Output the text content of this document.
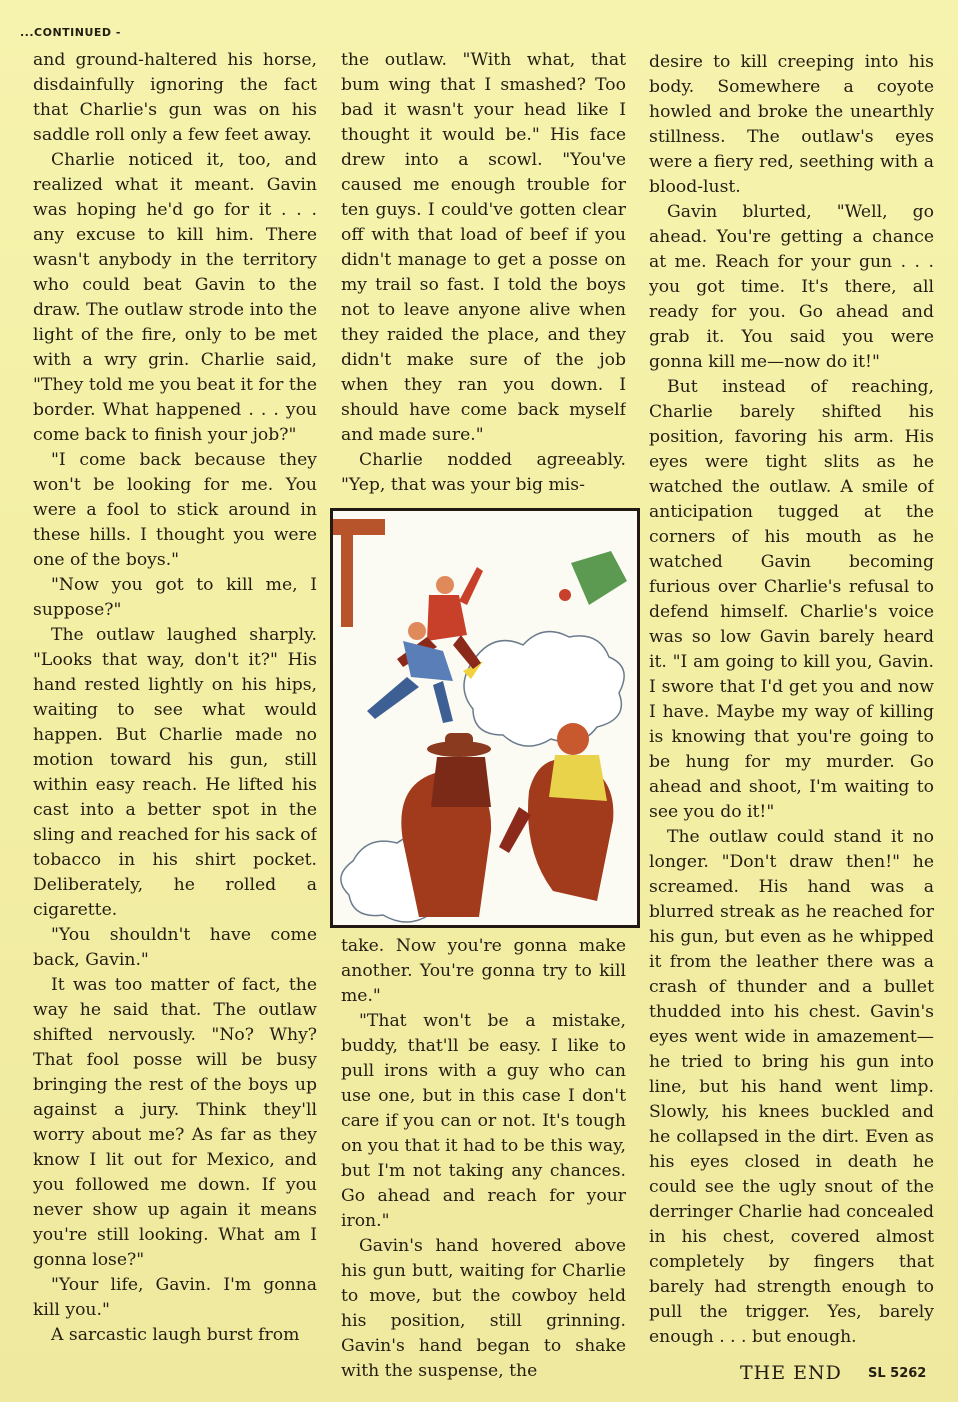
...CONTINUED -

and ground-haltered his horse, disdainfully ignoring the fact that Charlie's gun was on his saddle roll only a few feet away.

Charlie noticed it, too, and realized what it meant. Gavin was hoping he'd go for it . . . any excuse to kill him. There wasn't anybody in the territory who could beat Gavin to the draw. The outlaw strode into the light of the fire, only to be met with a wry grin. Charlie said, "They told me you beat it for the border. What happened . . . you come back to finish your job?"

"I come back because they won't be looking for me. You were a fool to stick around in these hills. I thought you were one of the boys."

"Now you got to kill me, I suppose?"

The outlaw laughed sharply. "Looks that way, don't it?" His hand rested lightly on his hips, waiting to see what would happen. But Charlie made no motion toward his gun, still within easy reach. He lifted his cast into a better spot in the sling and reached for his sack of tobacco in his shirt pocket. Deliberately, he rolled a cigarette.

"You shouldn't have come back, Gavin."

It was too matter of fact, the way he said that. The outlaw shifted nervously. "No? Why? That fool posse will be busy bringing the rest of the boys up against a jury. Think they'll worry about me? As far as they know I lit out for Mexico, and you followed me down. If you never show up again it means you're still looking. What am I gonna lose?"

"Your life, Gavin. I'm gonna kill you."

A sarcastic laugh burst from

the outlaw. "With what, that bum wing that I smashed? Too bad it wasn't your head like I thought it would be." His face drew into a scowl. "You've caused me enough trouble for ten guys. I could've gotten clear off with that load of beef if you didn't manage to get a posse on my trail so fast. I told the boys not to leave anyone alive when they raided the place, and they didn't make sure of the job when they ran you down. I should have come back myself and made sure."

Charlie nodded agreeably. "Yep, that was your big mis-

take. Now you're gonna make another. You're gonna try to kill me."

"That won't be a mistake, buddy, that'll be easy. I like to pull irons with a guy who can use one, but in this case I don't care if you can or not. It's tough on you that it had to be this way, but I'm not taking any chances. Go ahead and reach for your iron."

Gavin's hand hovered above his gun butt, waiting for Charlie to move, but the cowboy held his position, still grinning. Gavin's hand began to shake with the suspense, the

desire to kill creeping into his body. Somewhere a coyote howled and broke the unearthly stillness. The outlaw's eyes were a fiery red, seething with a blood-lust.

Gavin blurted, "Well, go ahead. You're getting a chance at me. Reach for your gun . . . you got time. It's there, all ready for you. Go ahead and grab it. You said you were gonna kill me—now do it!"

But instead of reaching, Charlie barely shifted his position, favoring his arm. His eyes were tight slits as he watched the outlaw. A smile of anticipation tugged at the corners of his mouth as he watched Gavin becoming furious over Charlie's refusal to defend himself. Charlie's voice was so low Gavin barely heard it. "I am going to kill you, Gavin. I swore that I'd get you and now I have. Maybe my way of killing is knowing that you're going to be hung for my murder. Go ahead and shoot, I'm waiting to see you do it!"

The outlaw could stand it no longer. "Don't draw then!" he screamed. His hand was a blurred streak as he reached for his gun, but even as he whipped it from the leather there was a crash of thunder and a bullet thudded into his chest. Gavin's eyes went wide in amazement—he tried to bring his gun into line, but his hand went limp. Slowly, his knees buckled and he collapsed in the dirt. Even as his eyes closed in death he could see the ugly snout of the derringer Charlie had concealed in his chest, covered almost completely by fingers that barely had strength enough to pull the trigger. Yes, barely enough . . . but enough.

THE END SL 5262
